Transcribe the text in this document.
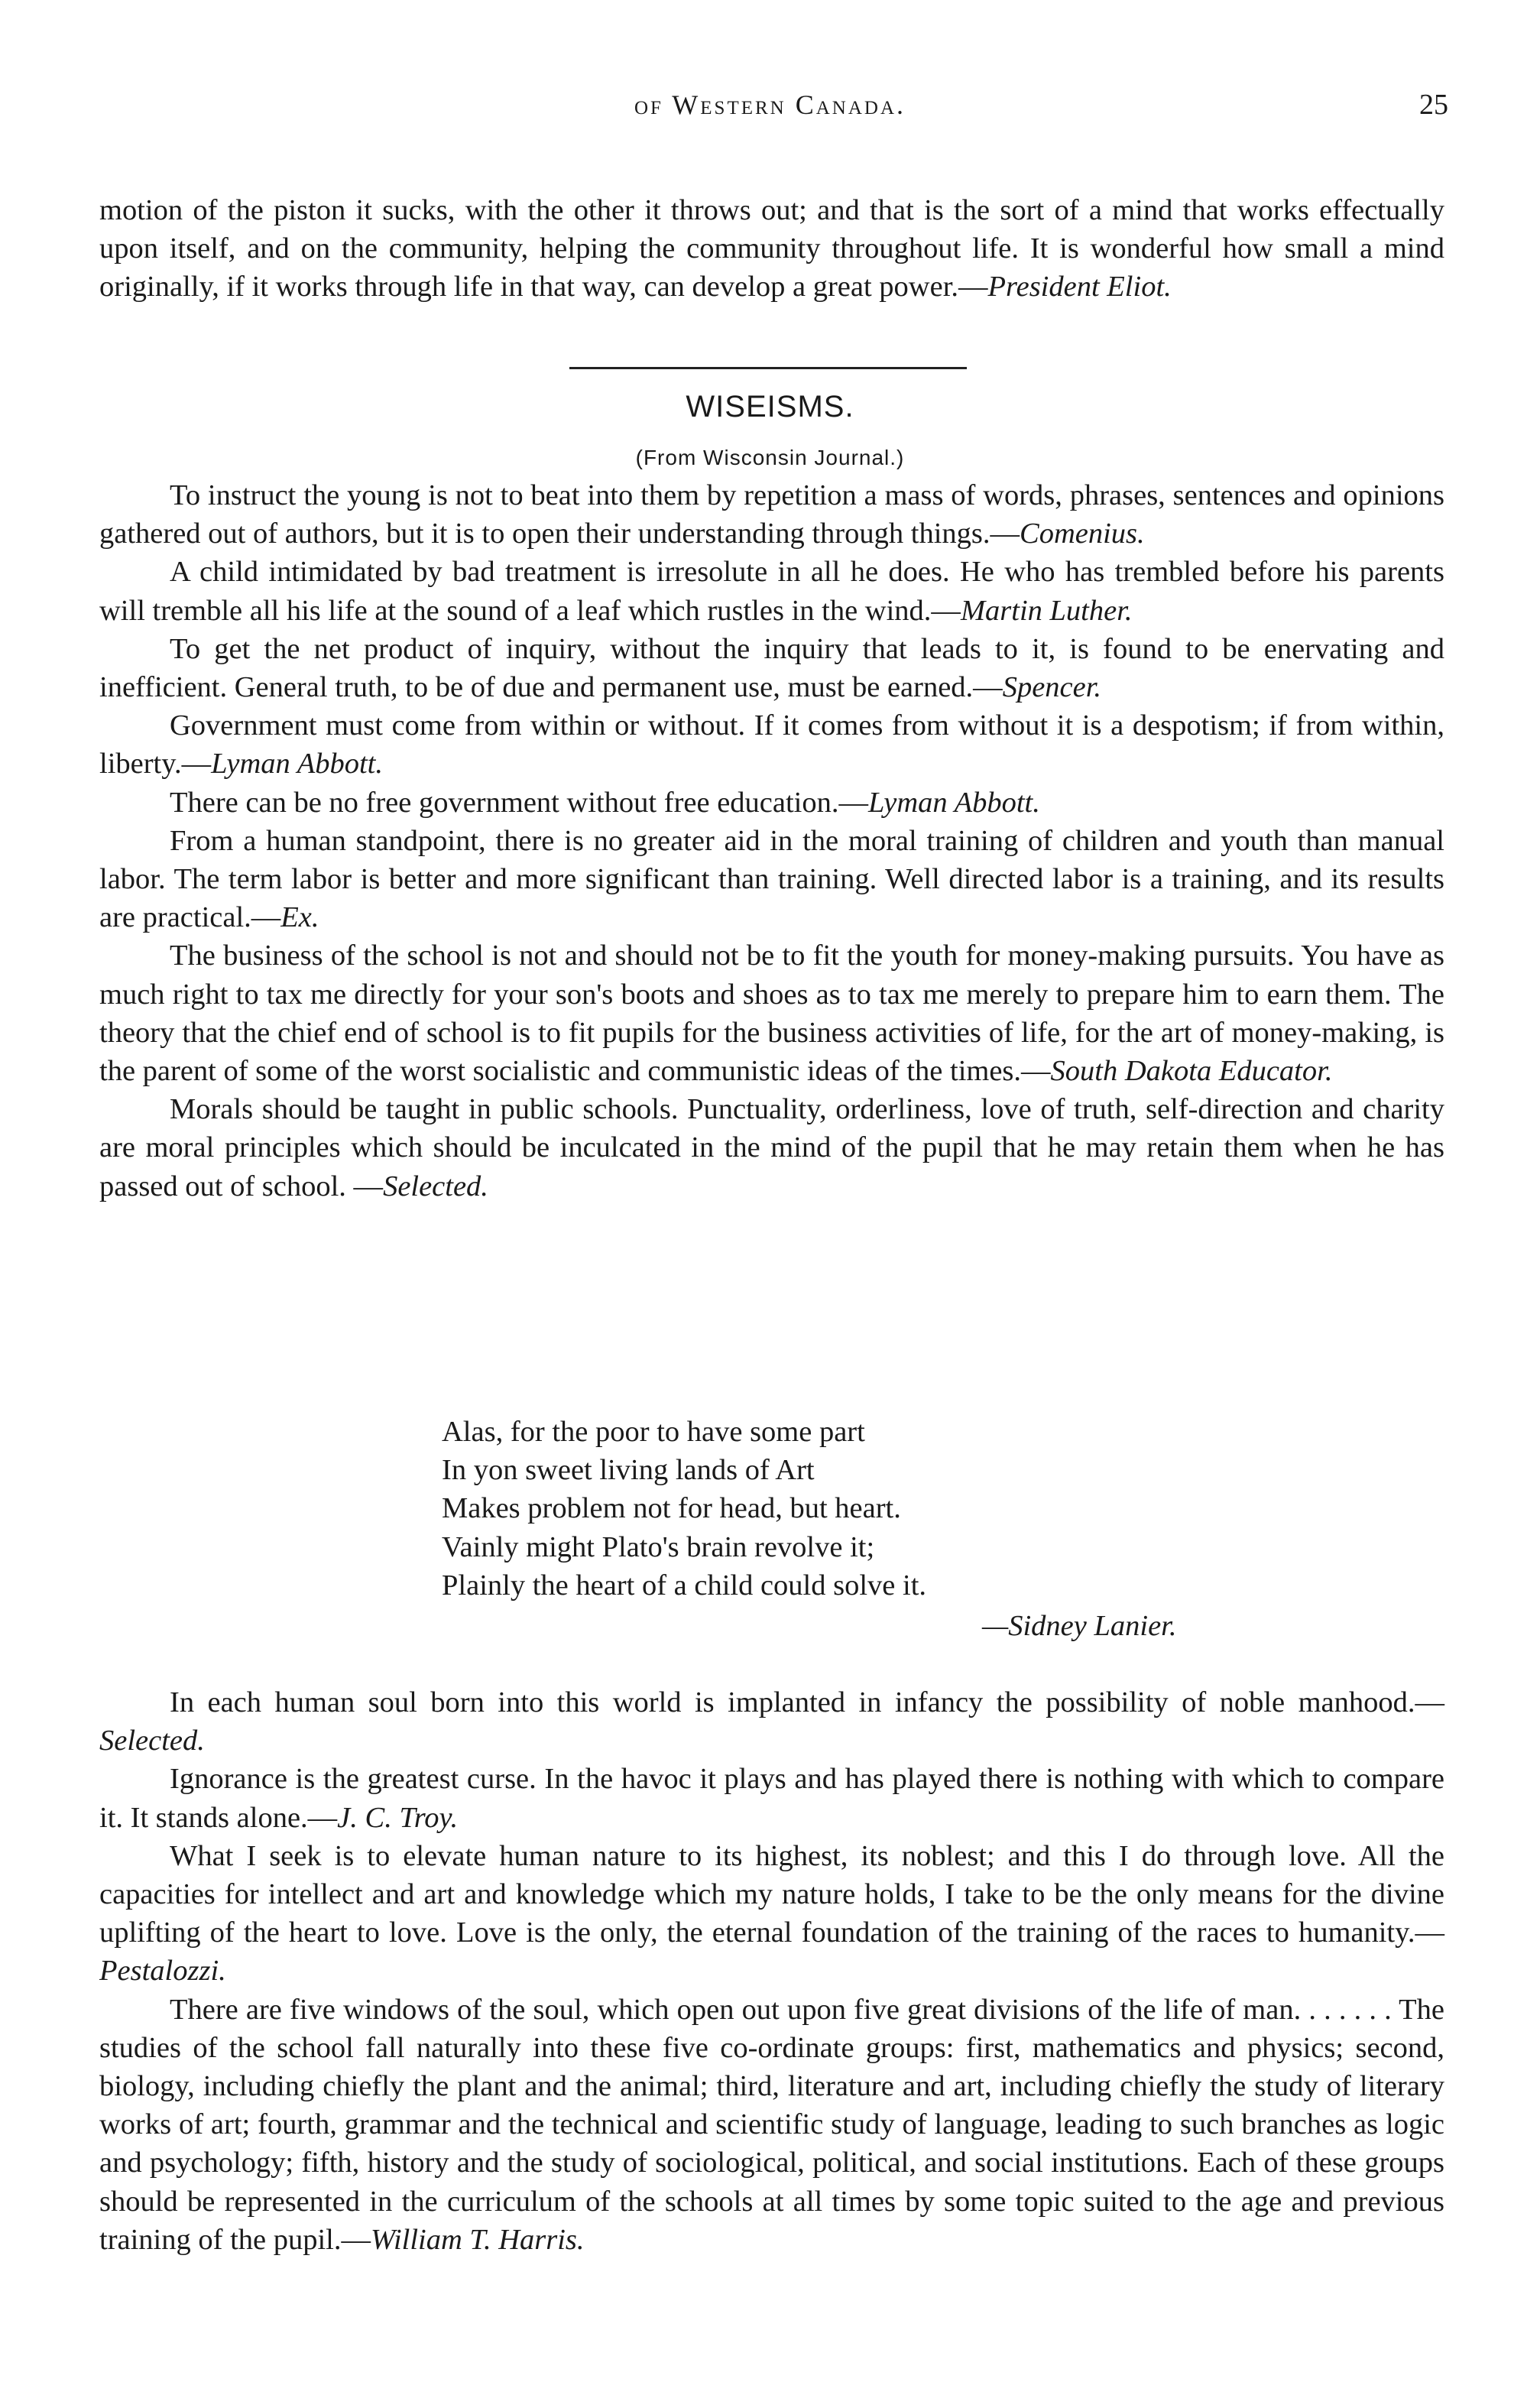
of Western Canada.	25

motion of the piston it sucks, with the other it throws out; and that is the sort of a mind that works effectually upon itself, and on the community, helping the community throughout life. It is wonderful how small a mind originally, if it works through life in that way, can develop a great power.—President Eliot.

WISEISMS.
(From Wisconsin Journal.)

To instruct the young is not to beat into them by repetition a mass of words, phrases, sentences and opinions gathered out of authors, but it is to open their understanding through things.—Comenius.

A child intimidated by bad treatment is irresolute in all he does. He who has trembled before his parents will tremble all his life at the sound of a leaf which rustles in the wind.—Martin Luther.

To get the net product of inquiry, without the inquiry that leads to it, is found to be enervating and inefficient. General truth, to be of due and permanent use, must be earned.—Spencer.

Government must come from within or without. If it comes from without it is a despotism; if from within, liberty.—Lyman Abbott.

There can be no free government without free education.—Lyman Abbott.

From a human standpoint, there is no greater aid in the moral training of children and youth than manual labor. The term labor is better and more significant than training. Well directed labor is a training, and its results are practical.—Ex.

The business of the school is not and should not be to fit the youth for money-making pursuits. You have as much right to tax me directly for your son's boots and shoes as to tax me merely to prepare him to earn them. The theory that the chief end of school is to fit pupils for the business activities of life, for the art of money-making, is the parent of some of the worst socialistic and communistic ideas of the times.—South Dakota Educator.

Morals should be taught in public schools. Punctuality, orderliness, love of truth, self-direction and charity are moral principles which should be inculcated in the mind of the pupil that he may retain them when he has passed out of school. —Selected.

Alas, for the poor to have some part
In yon sweet living lands of Art
Makes problem not for head, but heart.
Vainly might Plato's brain revolve it;
Plainly the heart of a child could solve it.
—Sidney Lanier.

In each human soul born into this world is implanted in infancy the possibility of noble manhood.—Selected.

Ignorance is the greatest curse. In the havoc it plays and has played there is nothing with which to compare it. It stands alone.—J. C. Troy.

What I seek is to elevate human nature to its highest, its noblest; and this I do through love. All the capacities for intellect and art and knowledge which my nature holds, I take to be the only means for the divine uplifting of the heart to love. Love is the only, the eternal foundation of the training of the races to humanity.—Pestalozzi.

There are five windows of the soul, which open out upon five great divisions of the life of man. . . . . . . The studies of the school fall naturally into these five co-ordinate groups: first, mathematics and physics; second, biology, including chiefly the plant and the animal; third, literature and art, including chiefly the study of literary works of art; fourth, grammar and the technical and scientific study of language, leading to such branches as logic and psychology; fifth, history and the study of sociological, political, and social institutions. Each of these groups should be represented in the curriculum of the schools at all times by some topic suited to the age and previous training of the pupil.—William T. Harris.
